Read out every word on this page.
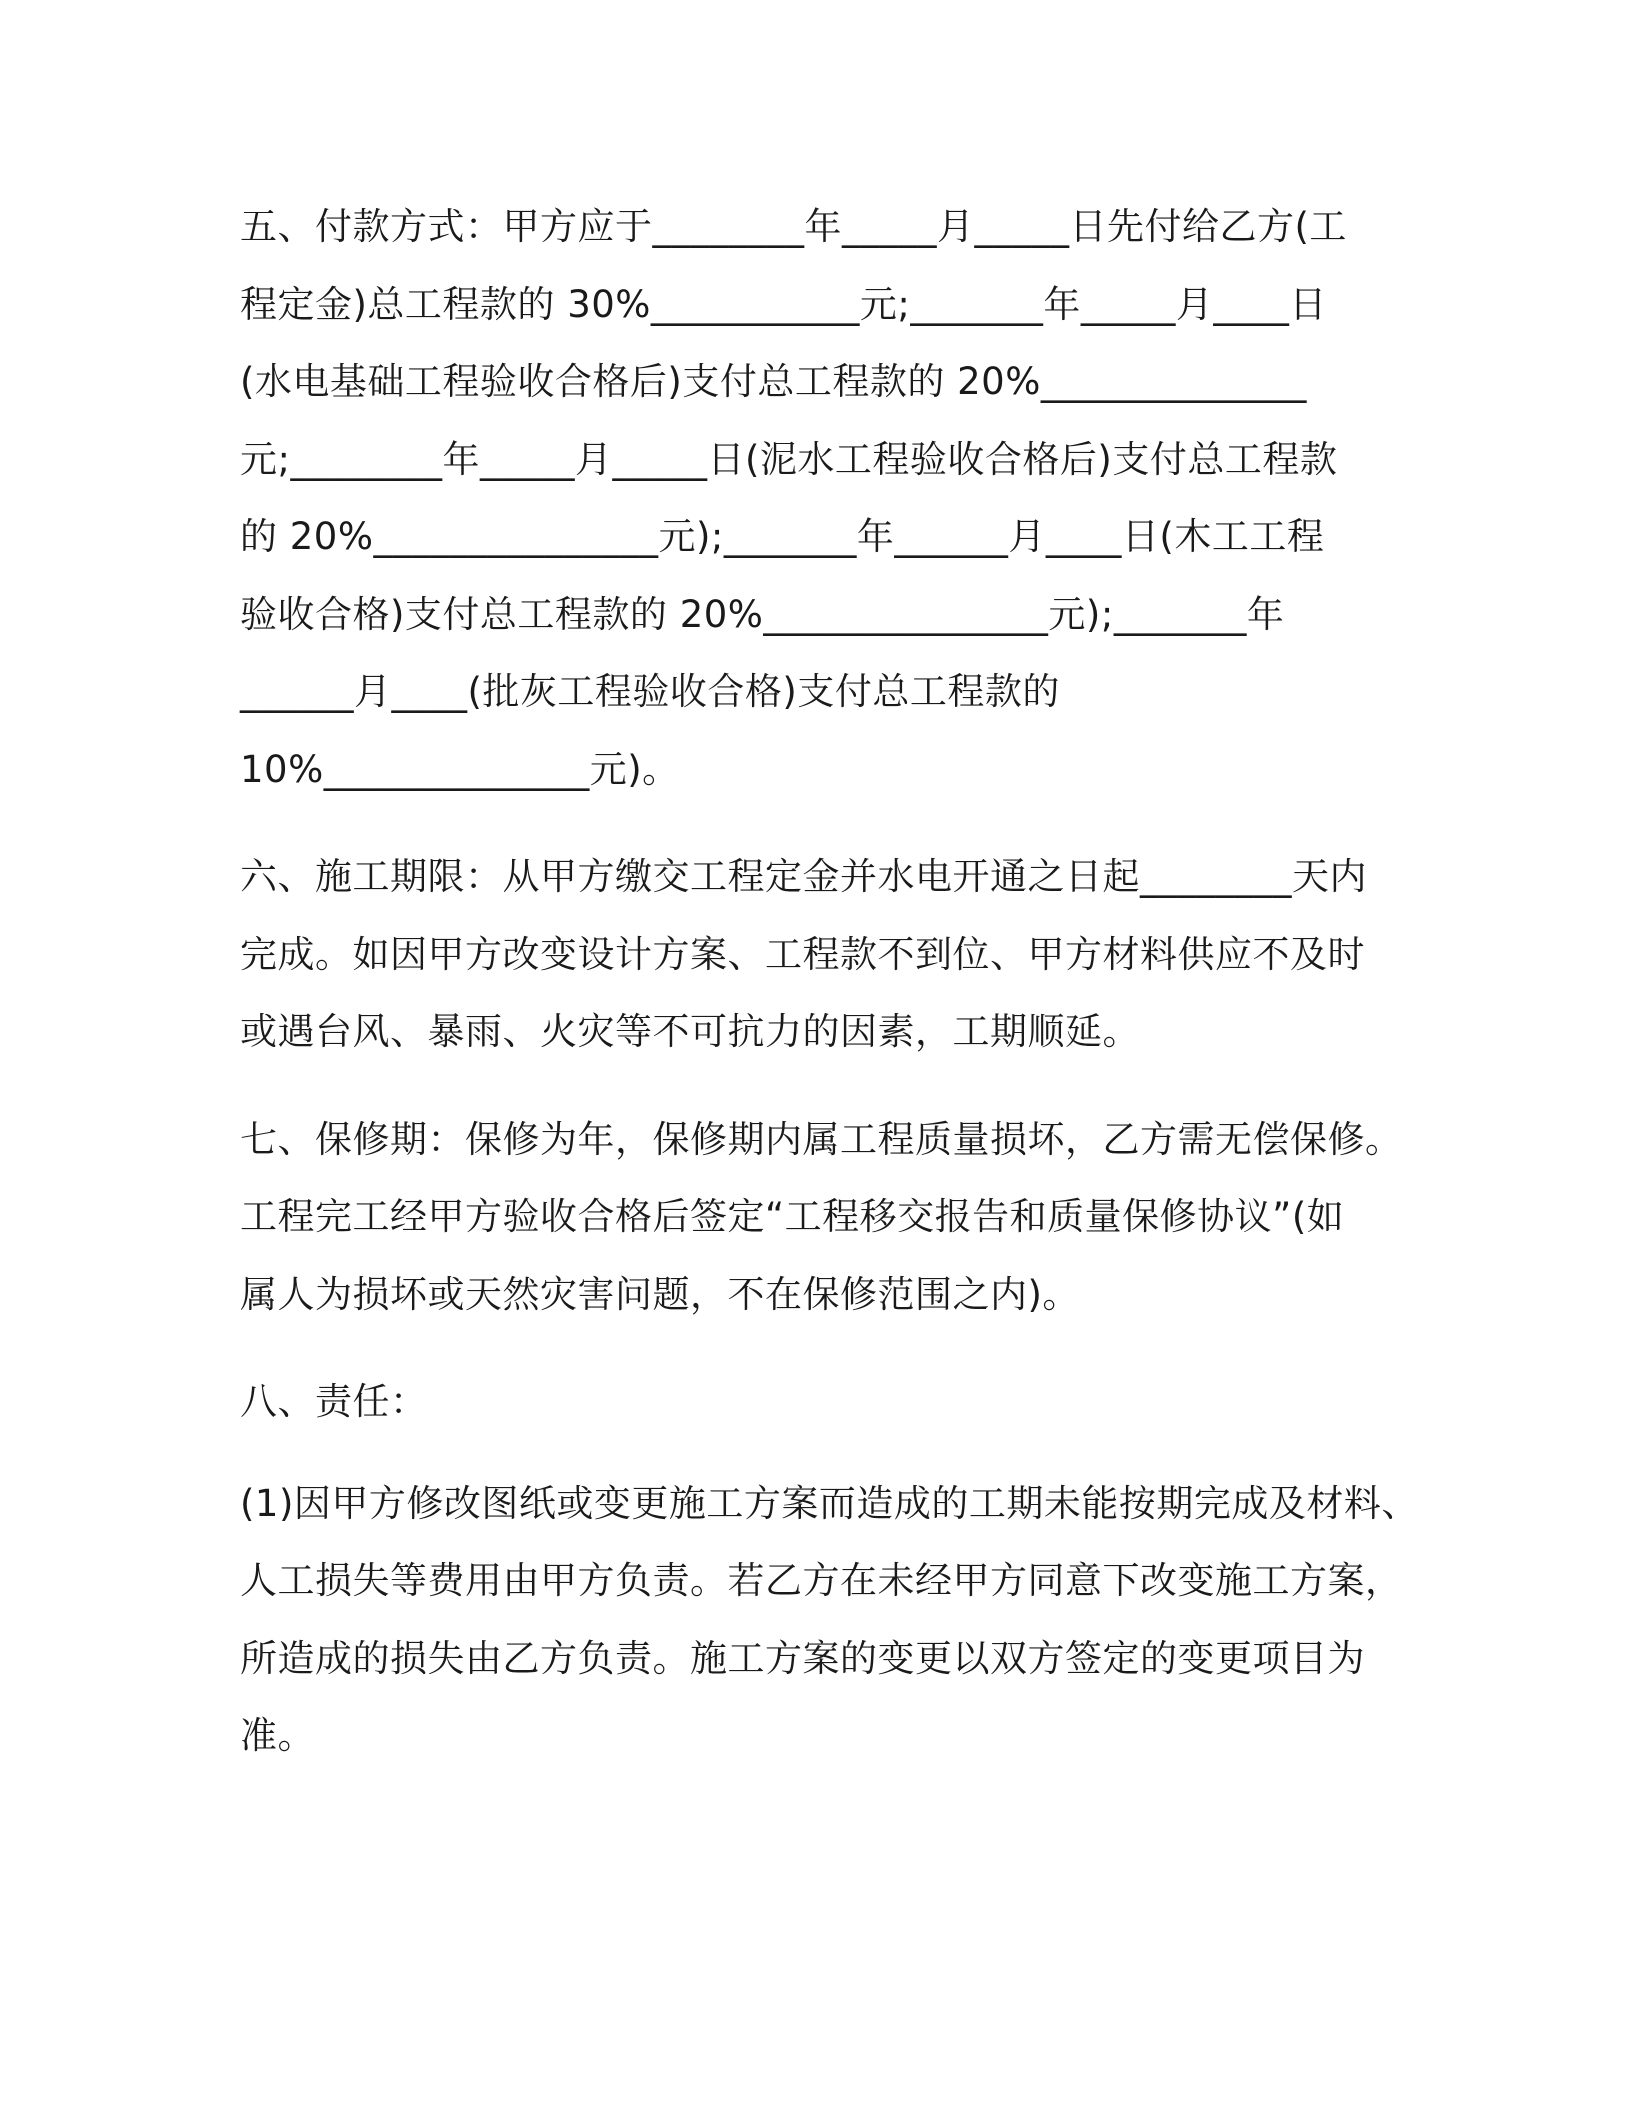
五、付款方式：甲方应于________年_____月_____日先付给乙方(工
程定金)总工程款的 30%___________元;_______年_____月____日
(水电基础工程验收合格后)支付总工程款的 20%______________
元;________年_____月_____日(泥水工程验收合格后)支付总工程款
的 20%_______________元);_______年______月____日(木工工程
验收合格)支付总工程款的 20%_______________元);_______年
______月____(批灰工程验收合格)支付总工程款的
10%______________元)。
六、施工期限：从甲方缴交工程定金并水电开通之日起________天内
完成。如因甲方改变设计方案、工程款不到位、甲方材料供应不及时
或遇台风、暴雨、火灾等不可抗力的因素，工期顺延。
七、保修期：保修为年，保修期内属工程质量损坏，乙方需无偿保修。
工程完工经甲方验收合格后签定“工程移交报告和质量保修协议”(如
属人为损坏或天然灾害问题，不在保修范围之内)。
八、责任：
(1)因甲方修改图纸或变更施工方案而造成的工期未能按期完成及材料、
人工损失等费用由甲方负责。若乙方在未经甲方同意下改变施工方案，
所造成的损失由乙方负责。施工方案的变更以双方签定的变更项目为
准。
